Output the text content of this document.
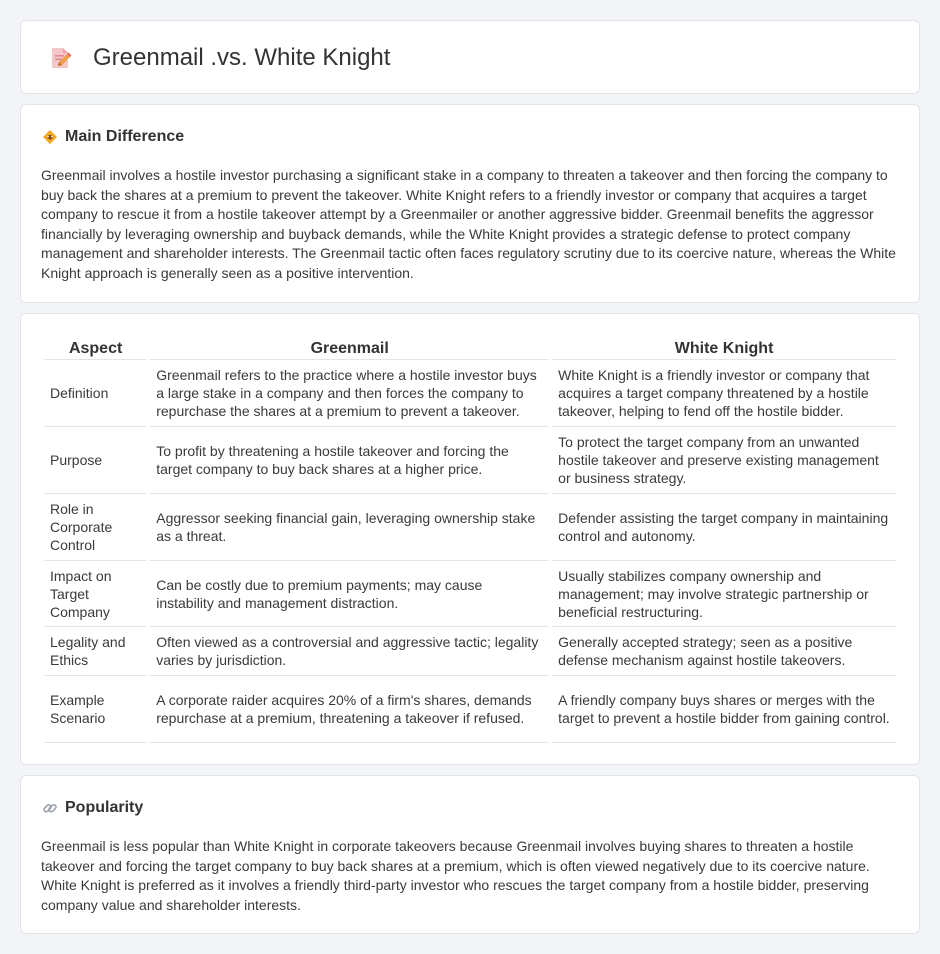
Greenmail .vs. White Knight
Main Difference

Greenmail involves a hostile investor purchasing a significant stake in a company to threaten a takeover and then forcing the company to buy back the shares at a premium to prevent the takeover. White Knight refers to a friendly investor or company that acquires a target company to rescue it from a hostile takeover attempt by a Greenmailer or another aggressive bidder. Greenmail benefits the aggressor financially by leveraging ownership and buyback demands, while the White Knight provides a strategic defense to protect company management and shareholder interests. The Greenmail tactic often faces regulatory scrutiny due to its coercive nature, whereas the White Knight approach is generally seen as a positive intervention.

Aspect	Greenmail	White Knight
Definition	Greenmail refers to the practice where a hostile investor buys a large stake in a company and then forces the company to repurchase the shares at a premium to prevent a takeover.	White Knight is a friendly investor or company that acquires a target company threatened by a hostile takeover, helping to fend off the hostile bidder.
Purpose	To profit by threatening a hostile takeover and forcing the target company to buy back shares at a higher price.	To protect the target company from an unwanted hostile takeover and preserve existing management or business strategy.
Role in Corporate Control	Aggressor seeking financial gain, leveraging ownership stake as a threat.	Defender assisting the target company in maintaining control and autonomy.
Impact on Target Company	Can be costly due to premium payments; may cause instability and management distraction.	Usually stabilizes company ownership and management; may involve strategic partnership or beneficial restructuring.
Legality and Ethics	Often viewed as a controversial and aggressive tactic; legality varies by jurisdiction.	Generally accepted strategy; seen as a positive defense mechanism against hostile takeovers.
Example Scenario	A corporate raider acquires 20% of a firm's shares, demands repurchase at a premium, threatening a takeover if refused.	A friendly company buys shares or merges with the target to prevent a hostile bidder from gaining control.
Popularity

Greenmail is less popular than White Knight in corporate takeovers because Greenmail involves buying shares to threaten a hostile takeover and forcing the target company to buy back shares at a premium, which is often viewed negatively due to its coercive nature. White Knight is preferred as it involves a friendly third-party investor who rescues the target company from a hostile bidder, preserving company value and shareholder interests.
